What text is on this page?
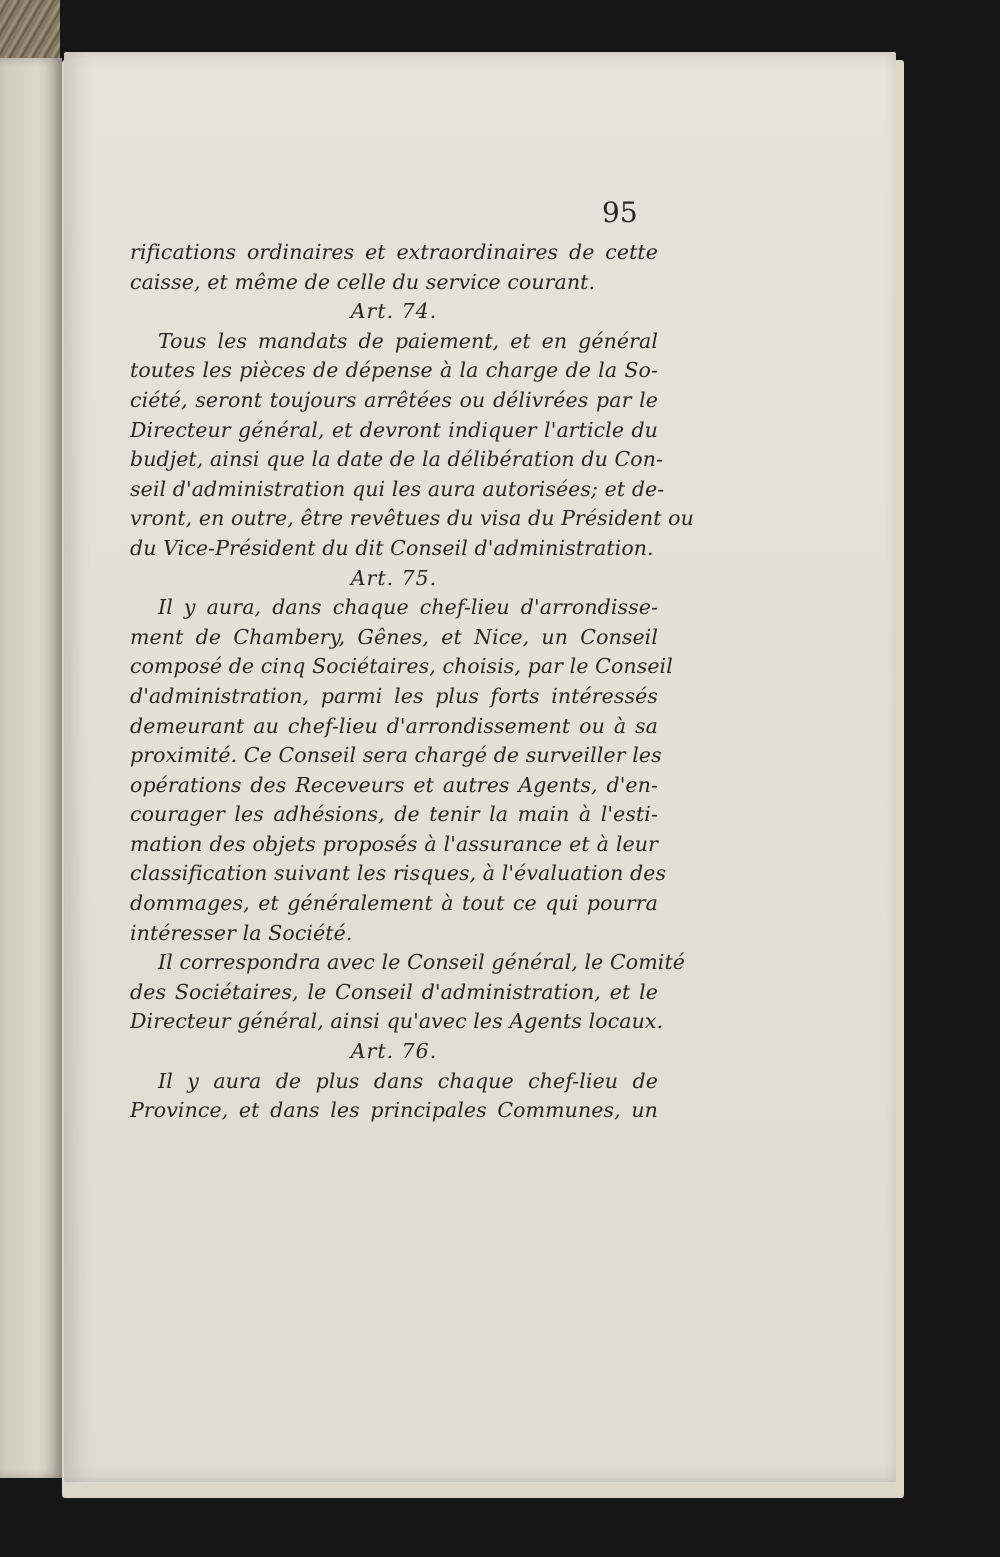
95

rifications ordinaires et extraordinaires de cette
caisse, et même de celle du service courant.
Art. 74.
Tous les mandats de paiement, et en général
toutes les pièces de dépense à la charge de la So-
ciété, seront toujours arrêtées ou délivrées par le
Directeur général, et devront indiquer l'article du
budjet, ainsi que la date de la délibération du Con-
seil d'administration qui les aura autorisées; et de-
vront, en outre, être revêtues du visa du Président ou
du Vice-Président du dit Conseil d'administration.
Art. 75.
Il y aura, dans chaque chef-lieu d'arrondisse-
ment de Chambery, Gênes, et Nice, un Conseil
composé de cinq Sociétaires, choisis, par le Conseil
d'administration, parmi les plus forts intéressés
demeurant au chef-lieu d'arrondissement ou à sa
proximité. Ce Conseil sera chargé de surveiller les
opérations des Receveurs et autres Agents, d'en-
courager les adhésions, de tenir la main à l'esti-
mation des objets proposés à l'assurance et à leur
classification suivant les risques, à l'évaluation des
dommages, et généralement à tout ce qui pourra
intéresser la Société.
Il correspondra avec le Conseil général, le Comité
des Sociétaires, le Conseil d'administration, et le
Directeur général, ainsi qu'avec les Agents locaux.
Art. 76.
Il y aura de plus dans chaque chef-lieu de
Province, et dans les principales Communes, un
